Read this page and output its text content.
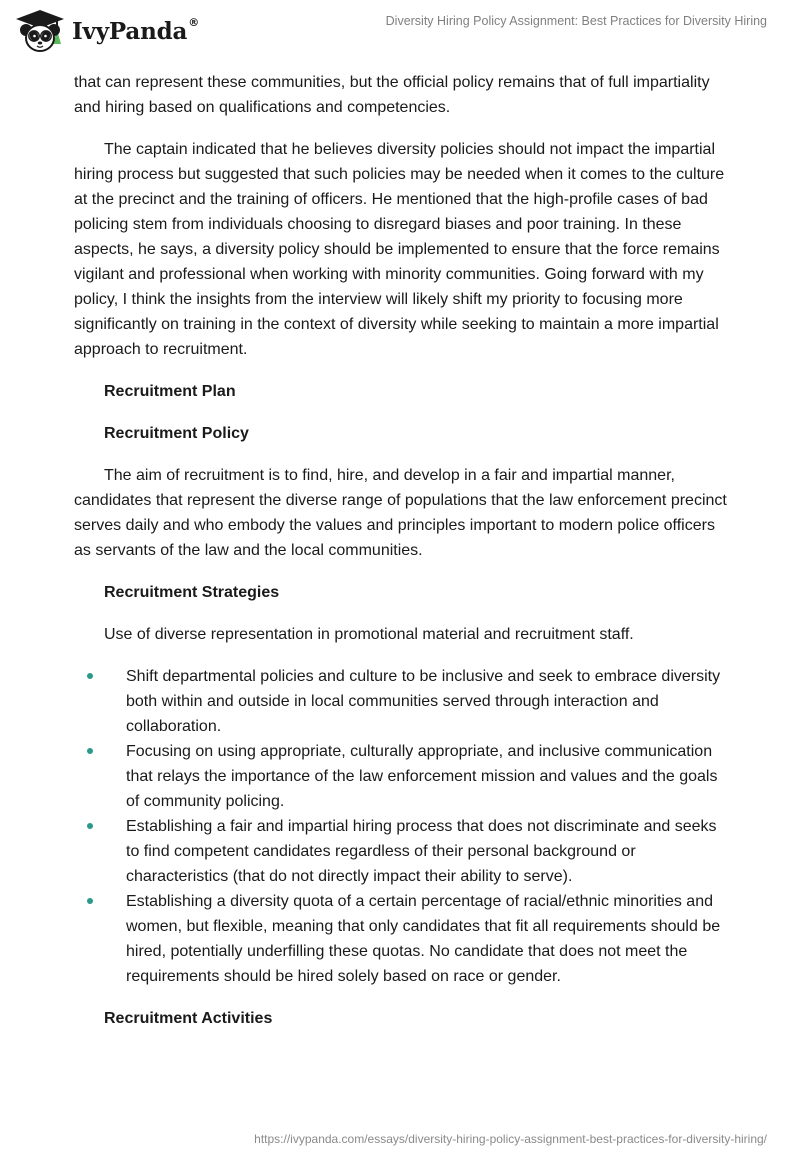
IvyPanda®	Diversity Hiring Policy Assignment: Best Practices for Diversity Hiring

that can represent these communities, but the official policy remains that of full impartiality and hiring based on qualifications and competencies.

The captain indicated that he believes diversity policies should not impact the impartial hiring process but suggested that such policies may be needed when it comes to the culture at the precinct and the training of officers. He mentioned that the high-profile cases of bad policing stem from individuals choosing to disregard biases and poor training. In these aspects, he says, a diversity policy should be implemented to ensure that the force remains vigilant and professional when working with minority communities. Going forward with my policy, I think the insights from the interview will likely shift my priority to focusing more significantly on training in the context of diversity while seeking to maintain a more impartial approach to recruitment.

Recruitment Plan

Recruitment Policy

The aim of recruitment is to find, hire, and develop in a fair and impartial manner, candidates that represent the diverse range of populations that the law enforcement precinct serves daily and who embody the values and principles important to modern police officers as servants of the law and the local communities.

Recruitment Strategies

Use of diverse representation in promotional material and recruitment staff.

Shift departmental policies and culture to be inclusive and seek to embrace diversity both within and outside in local communities served through interaction and collaboration.
Focusing on using appropriate, culturally appropriate, and inclusive communication that relays the importance of the law enforcement mission and values and the goals of community policing.
Establishing a fair and impartial hiring process that does not discriminate and seeks to find competent candidates regardless of their personal background or characteristics (that do not directly impact their ability to serve).
Establishing a diversity quota of a certain percentage of racial/ethnic minorities and women, but flexible, meaning that only candidates that fit all requirements should be hired, potentially underfilling these quotas. No candidate that does not meet the requirements should be hired solely based on race or gender.

Recruitment Activities

https://ivypanda.com/essays/diversity-hiring-policy-assignment-best-practices-for-diversity-hiring/
